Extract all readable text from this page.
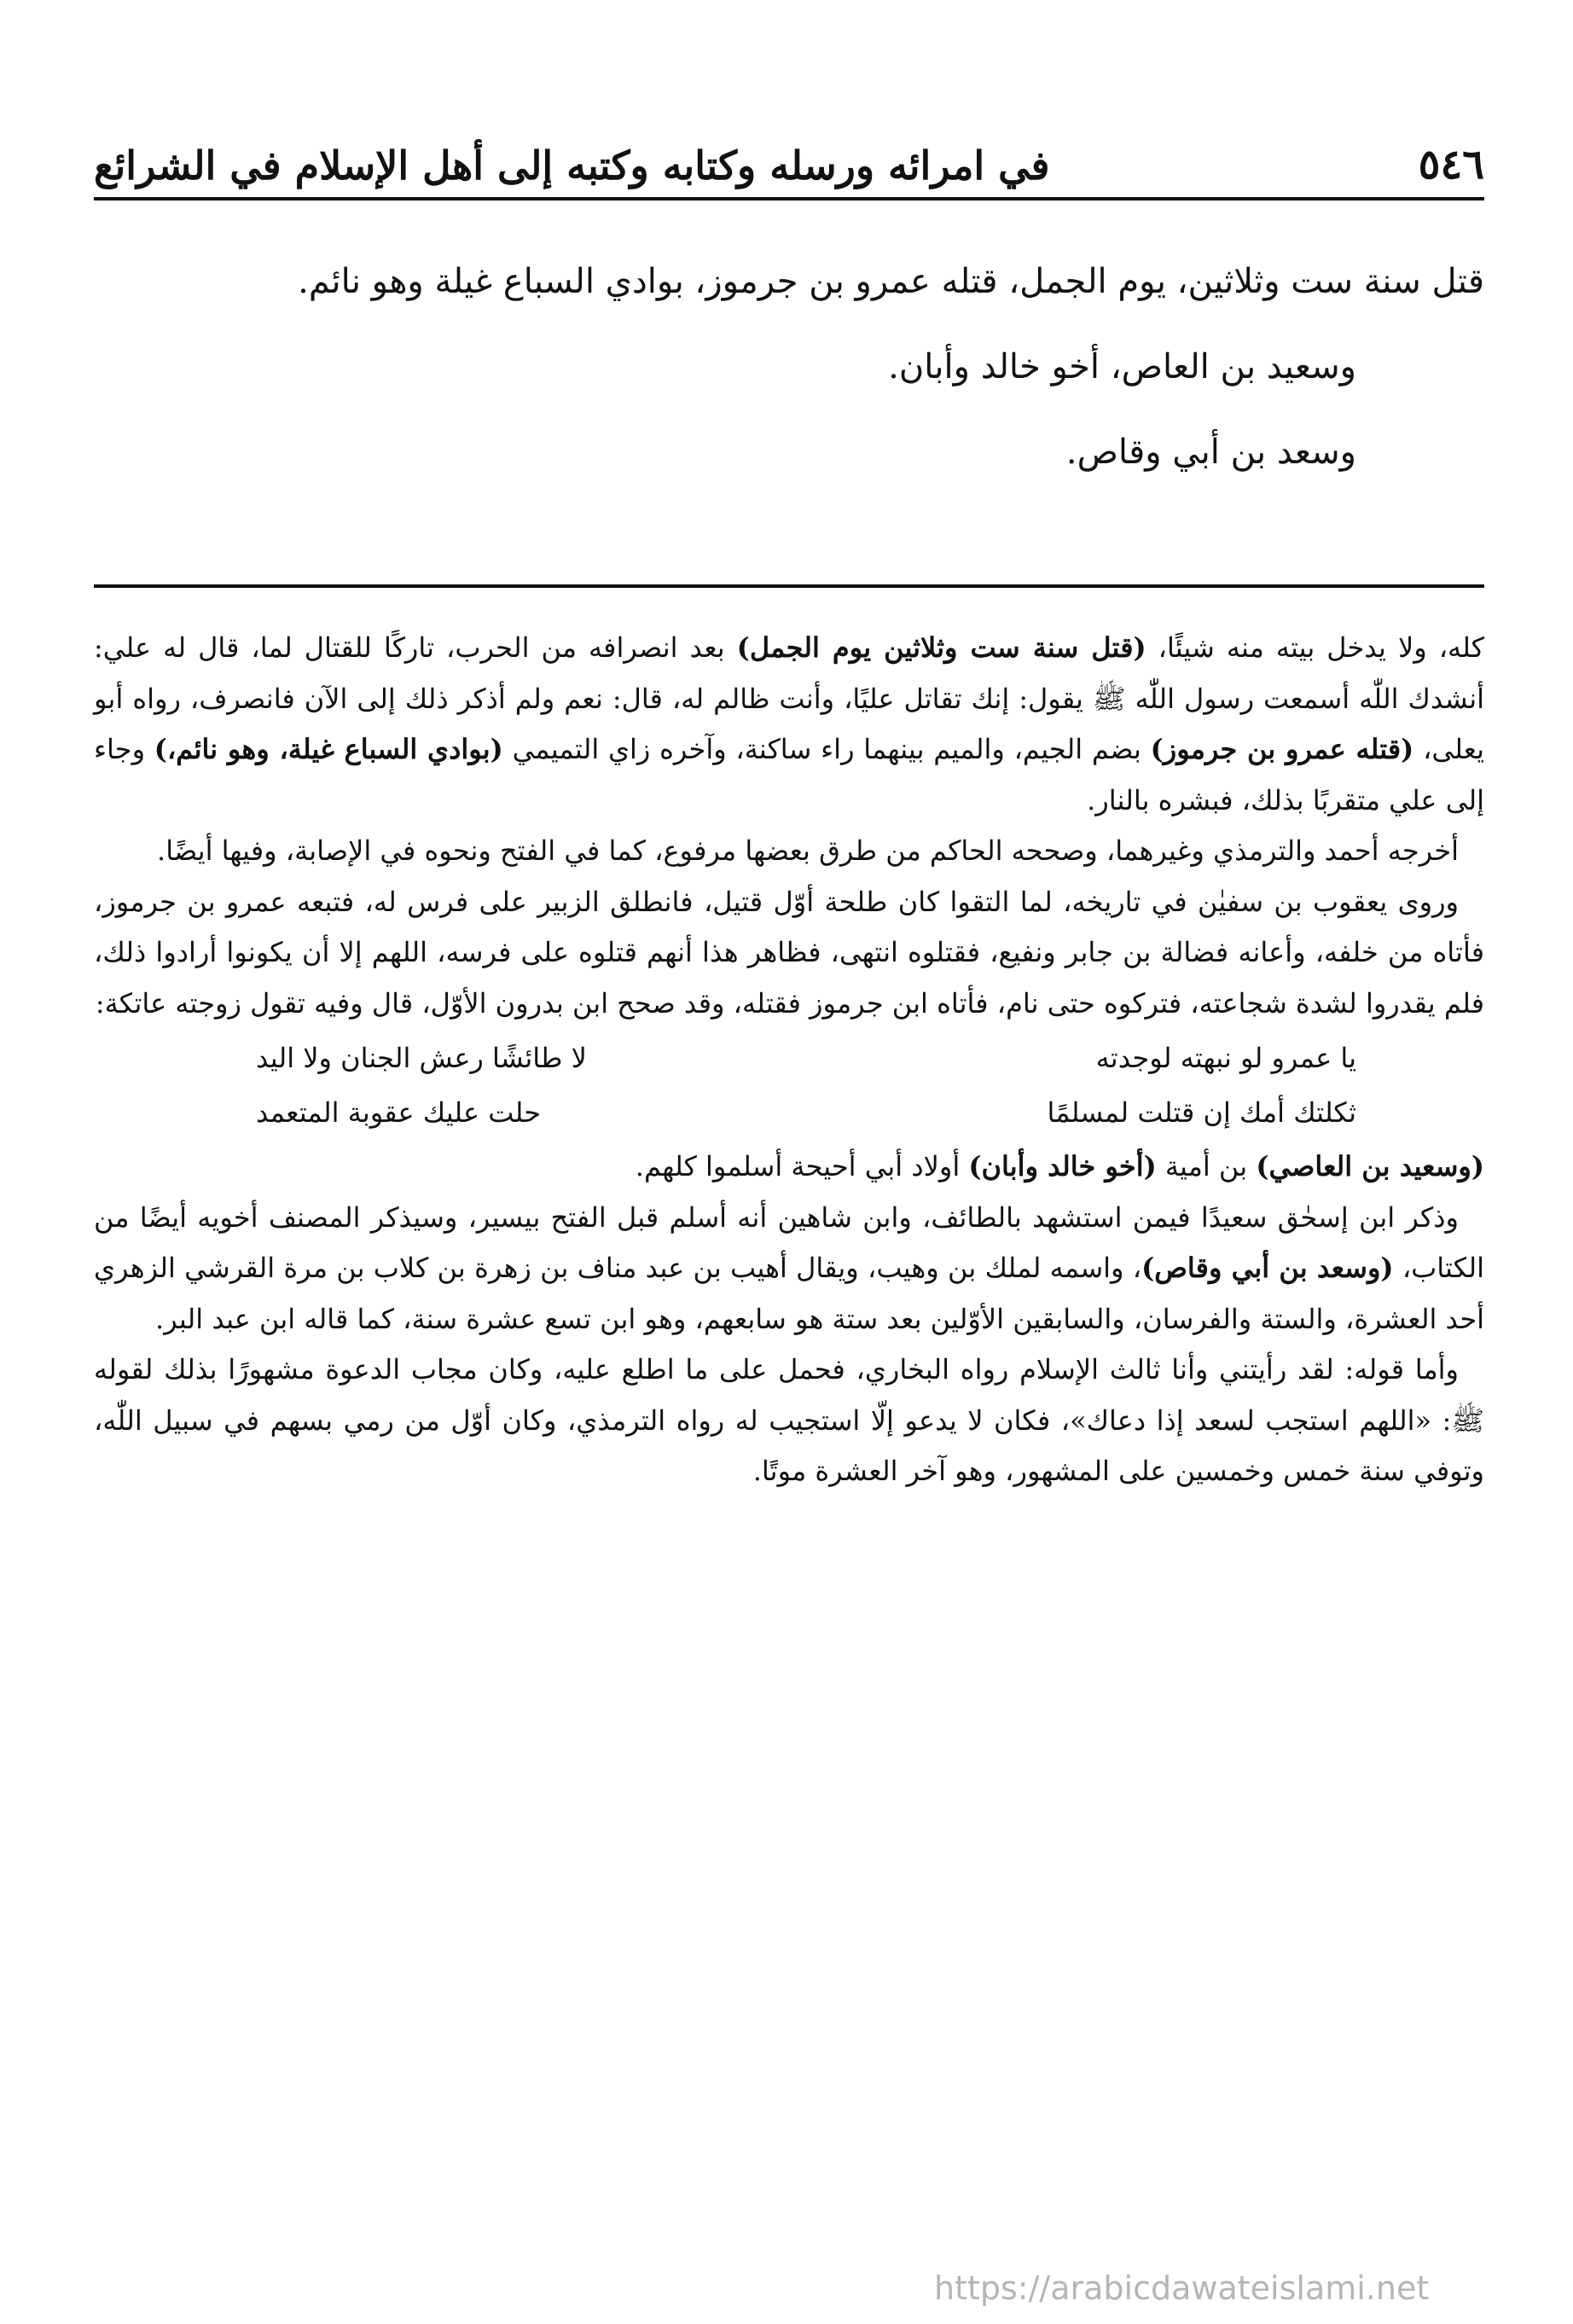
في امرائه ورسله وكتابه وكتبه إلى أهل الإسلام في الشرائع	٥٤٦

قتل سنة ست وثلاثين، يوم الجمل، قتله عمرو بن جرموز، بوادي السباع غيلة وهو نائم.

وسعيد بن العاص، أخو خالد وأبان.

وسعد بن أبي وقاص.

كله، ولا يدخل بيته منه شيئًا، (قتل سنة ست وثلاثين يوم الجمل) بعد انصرافه من الحرب، تاركًا للقتال لما، قال له علي: أنشدك اللّٰه أسمعت رسول اللّٰه ﷺ يقول: إنك تقاتل عليًا، وأنت ظالم له، قال: نعم ولم أذكر ذلك إلى الآن فانصرف، رواه أبو يعلى، (قتله عمرو بن جرموز) بضم الجيم، والميم بينهما راء ساكنة، وآخره زاي التميمي (بوادي السباع غيلة، وهو نائم،) وجاء إلى علي متقربًا بذلك، فبشره بالنار.

أخرجه أحمد والترمذي وغيرهما، وصححه الحاكم من طرق بعضها مرفوع، كما في الفتح ونحوه في الإصابة، وفيها أيضًا.

وروى يعقوب بن سفيٰن في تاريخه، لما التقوا كان طلحة أوّل قتيل، فانطلق الزبير على فرس له، فتبعه عمرو بن جرموز، فأتاه من خلفه، وأعانه فضالة بن جابر ونفيع، فقتلوه انتهى، فظاهر هذا أنهم قتلوه على فرسه، اللهم إلا أن يكونوا أرادوا ذلك، فلم يقدروا لشدة شجاعته، فتركوه حتى نام، فأتاه ابن جرموز فقتله، وقد صحح ابن بدرون الأوّل، قال وفيه تقول زوجته عاتكة:

يا عمرو لو نبهته لوجدته
لا طائشًا رعش الجنان ولا اليد
ثكلتك أمك إن قتلت لمسلمًا
حلت عليك عقوبة المتعمد

(وسعيد بن العاصي) بن أمية (أخو خالد وأبان) أولاد أبي أحيحة أسلموا كلهم.

وذكر ابن إسحٰق سعيدًا فيمن استشهد بالطائف، وابن شاهين أنه أسلم قبل الفتح بيسير، وسيذكر المصنف أخويه أيضًا من الكتاب، (وسعد بن أبي وقاص)، واسمه لملك بن وهيب، ويقال أهيب بن عبد مناف بن زهرة بن كلاب بن مرة القرشي الزهري أحد العشرة، والستة والفرسان، والسابقين الأوّلين بعد ستة هو سابعهم، وهو ابن تسع عشرة سنة، كما قاله ابن عبد البر.

وأما قوله: لقد رأيتني وأنا ثالث الإسلام رواه البخاري، فحمل على ما اطلع عليه، وكان مجاب الدعوة مشهورًا بذلك لقوله ﷺ: «اللهم استجب لسعد إذا دعاك»، فكان لا يدعو إلّا استجيب له رواه الترمذي، وكان أوّل من رمي بسهم في سبيل اللّٰه، وتوفي سنة خمس وخمسين على المشهور، وهو آخر العشرة موتًا.

https://arabicdawateislami.net
